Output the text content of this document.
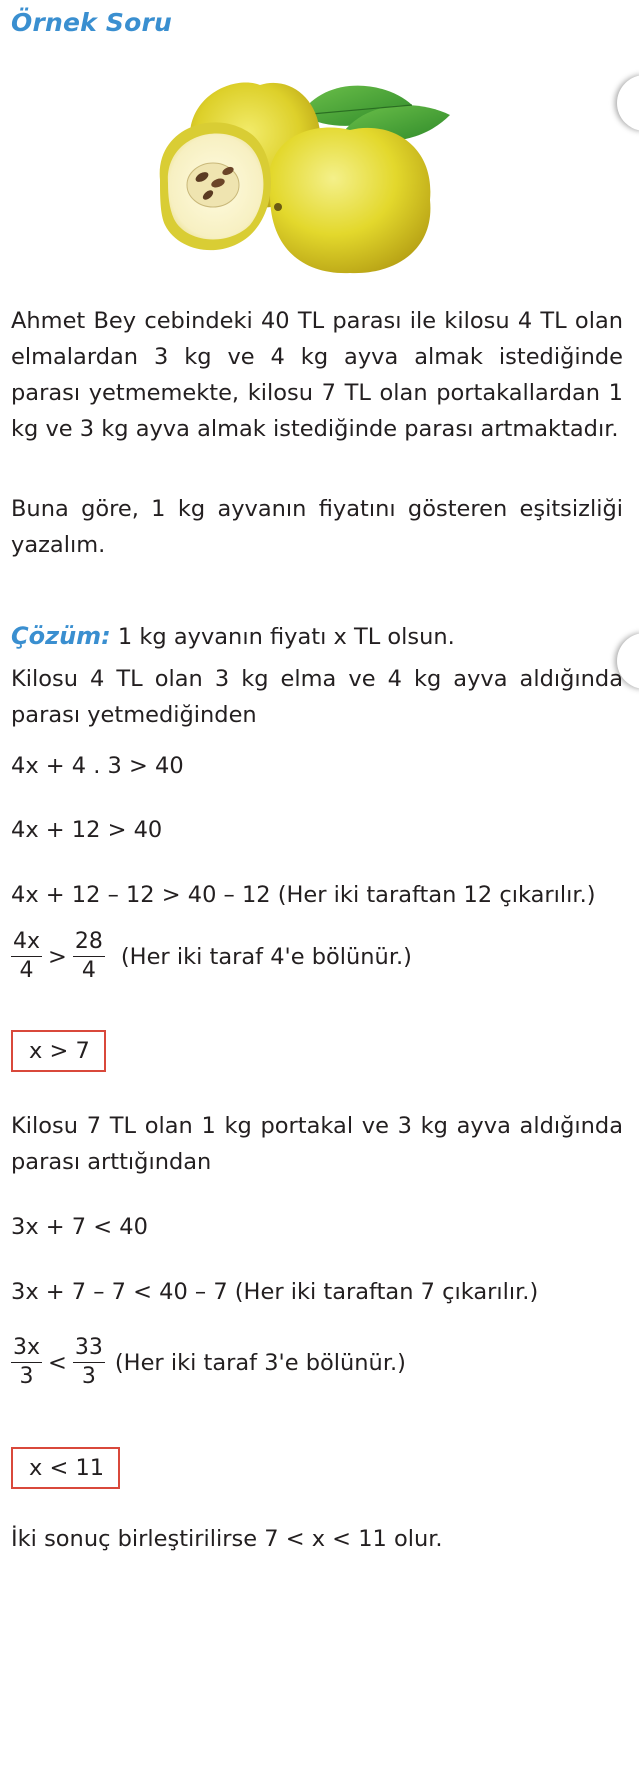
Örnek Soru
Ahmet Bey cebindeki 40 TL parası ile kilosu 4 TL olan elmalardan 3 kg ve 4 kg ayva almak istediğinde parası yetmemekte, kilosu 7 TL olan portakallardan 1 kg ve 3 kg ayva almak istediğinde parası artmaktadır.
Buna göre, 1 kg ayvanın fiyatını gösteren eşitsizliği yazalım.
Çözüm: 1 kg ayvanın fiyatı x TL olsun.
Kilosu 4 TL olan 3 kg elma ve 4 kg ayva aldığında parası yetmediğinden
4x + 4 . 3 > 40
4x + 12 > 40
4x + 12 – 12 > 40 – 12 (Her iki taraftan 12 çıkarılır.)
$\frac{4x}{4} > \frac{28}{4} (Her$ iki taraf 4'e bölünür.)
x > 7
Kilosu 7 TL olan 1 kg portakal ve 3 kg ayva aldığında parası arttığından
3x + 7 < 40
3x + 7 – 7 < 40 – 7 (Her iki taraftan 7 çıkarılır.)
$\frac{3x}{3} < \frac{33}{3} (Her$ iki taraf 3'e bölünür.)
x < 11
İki sonuç birleştirilirse 7 < x < 11 olur.
